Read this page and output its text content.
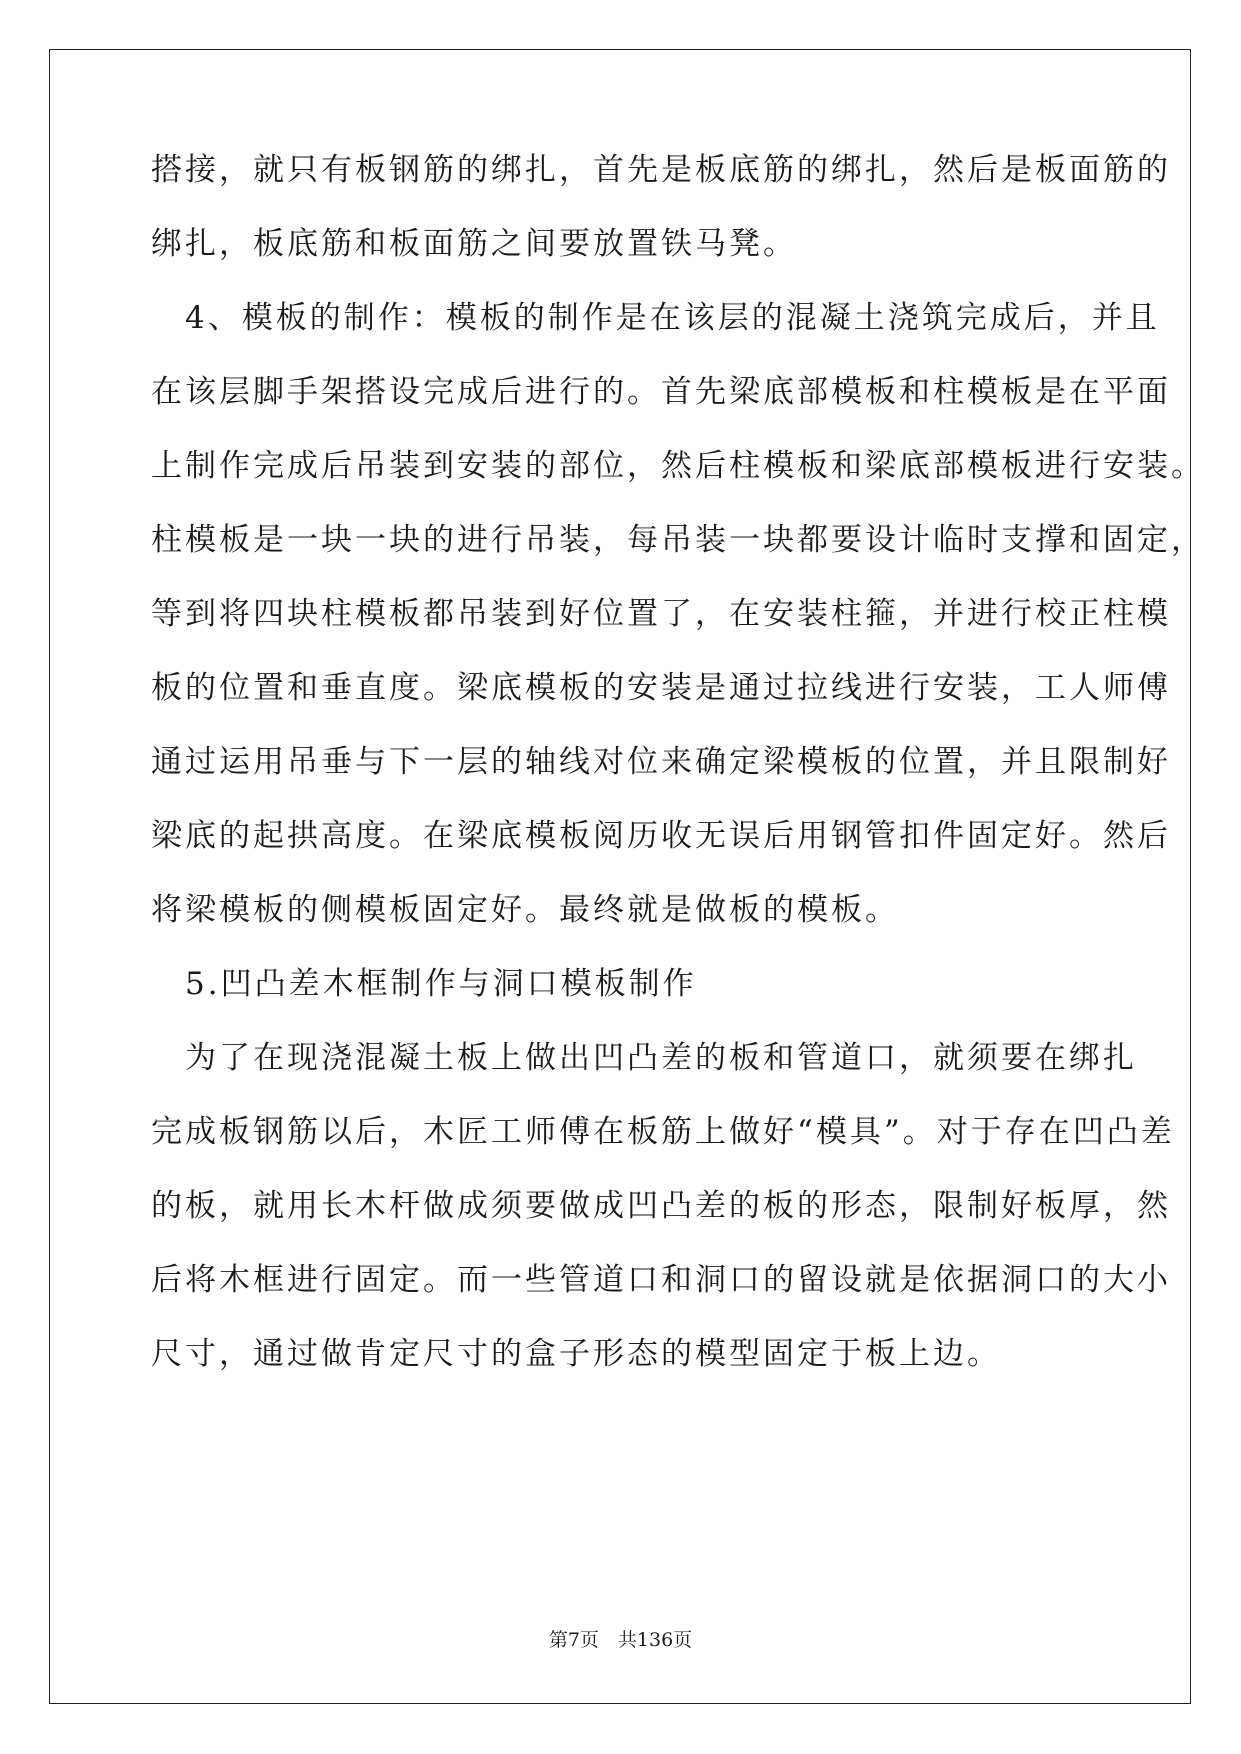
搭接，就只有板钢筋的绑扎，首先是板底筋的绑扎，然后是板面筋的
绑扎，板底筋和板面筋之间要放置铁马凳。
　4、模板的制作：模板的制作是在该层的混凝土浇筑完成后，并且
在该层脚手架搭设完成后进行的。首先梁底部模板和柱模板是在平面
上制作完成后吊装到安装的部位，然后柱模板和梁底部模板进行安装。
柱模板是一块一块的进行吊装，每吊装一块都要设计临时支撑和固定，
等到将四块柱模板都吊装到好位置了，在安装柱箍，并进行校正柱模
板的位置和垂直度。梁底模板的安装是通过拉线进行安装，工人师傅
通过运用吊垂与下一层的轴线对位来确定梁模板的位置，并且限制好
梁底的起拱高度。在梁底模板阅历收无误后用钢管扣件固定好。然后
将梁模板的侧模板固定好。最终就是做板的模板。
　5.凹凸差木框制作与洞口模板制作
　为了在现浇混凝土板上做出凹凸差的板和管道口，就须要在绑扎
完成板钢筋以后，木匠工师傅在板筋上做好“模具”。对于存在凹凸差
的板，就用长木杆做成须要做成凹凸差的板的形态，限制好板厚，然
后将木框进行固定。而一些管道口和洞口的留设就是依据洞口的大小
尺寸，通过做肯定尺寸的盒子形态的模型固定于板上边。
第7页　共136页
